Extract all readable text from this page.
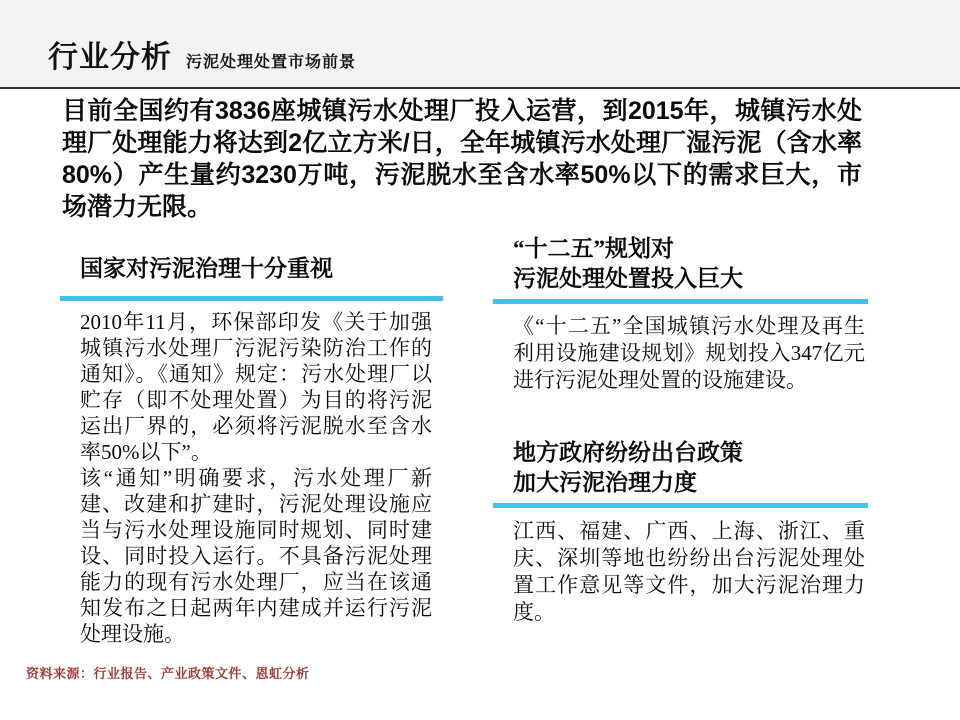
行业分析 污泥处理处置市场前景

目前全国约有3836座城镇污水处理厂投入运营，到2015年，城镇污水处理厂处理能力将达到2亿立方米/日，全年城镇污水处理厂湿污泥（含水率80%）产生量约3230万吨，污泥脱水至含水率50%以下的需求巨大，市场潜力无限。

国家对污泥治理十分重视

2010年11月，环保部印发《关于加强城镇污水处理厂污泥污染防治工作的通知》。《通知》规定：污水处理厂以贮存（即不处理处置）为目的将污泥运出厂界的，必须将污泥脱水至含水率50%以下”。

该“通知”明确要求，污水处理厂新建、改建和扩建时，污泥处理设施应当与污水处理设施同时规划、同时建设、同时投入运行。不具备污泥处理能力的现有污水处理厂，应当在该通知发布之日起两年内建成并运行污泥处理设施。

“十二五”规划对
污泥处理处置投入巨大
《“十二五”全国城镇污水处理及再生利用设施建设规划》规划投入347亿元进行污泥处理处置的设施建设。
地方政府纷纷出台政策
加大污泥治理力度
江西、福建、广西、上海、浙江、重庆、深圳等地也纷纷出台污泥处理处置工作意见等文件，加大污泥治理力度。
资料来源：行业报告、产业政策文件、恩虹分析
